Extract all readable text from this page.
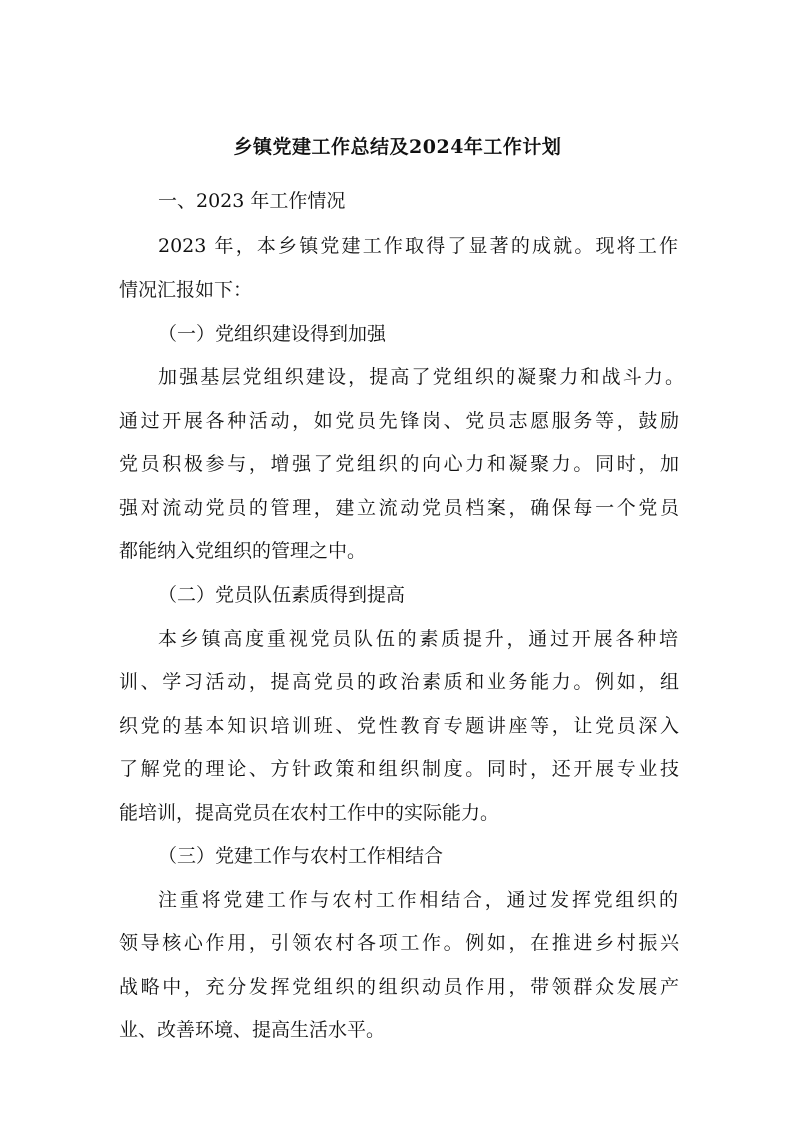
乡镇党建工作总结及2024年工作计划
一、2023 年工作情况
2023 年，本乡镇党建工作取得了显著的成就。现将工作
情况汇报如下：
（一）党组织建设得到加强
加强基层党组织建设，提高了党组织的凝聚力和战斗力。
通过开展各种活动，如党员先锋岗、党员志愿服务等，鼓励
党员积极参与，增强了党组织的向心力和凝聚力。同时，加
强对流动党员的管理，建立流动党员档案，确保每一个党员
都能纳入党组织的管理之中。
（二）党员队伍素质得到提高
本乡镇高度重视党员队伍的素质提升，通过开展各种培
训、学习活动，提高党员的政治素质和业务能力。例如，组
织党的基本知识培训班、党性教育专题讲座等，让党员深入
了解党的理论、方针政策和组织制度。同时，还开展专业技
能培训，提高党员在农村工作中的实际能力。
（三）党建工作与农村工作相结合
注重将党建工作与农村工作相结合，通过发挥党组织的
领导核心作用，引领农村各项工作。例如，在推进乡村振兴
战略中，充分发挥党组织的组织动员作用，带领群众发展产
业、改善环境、提高生活水平。
